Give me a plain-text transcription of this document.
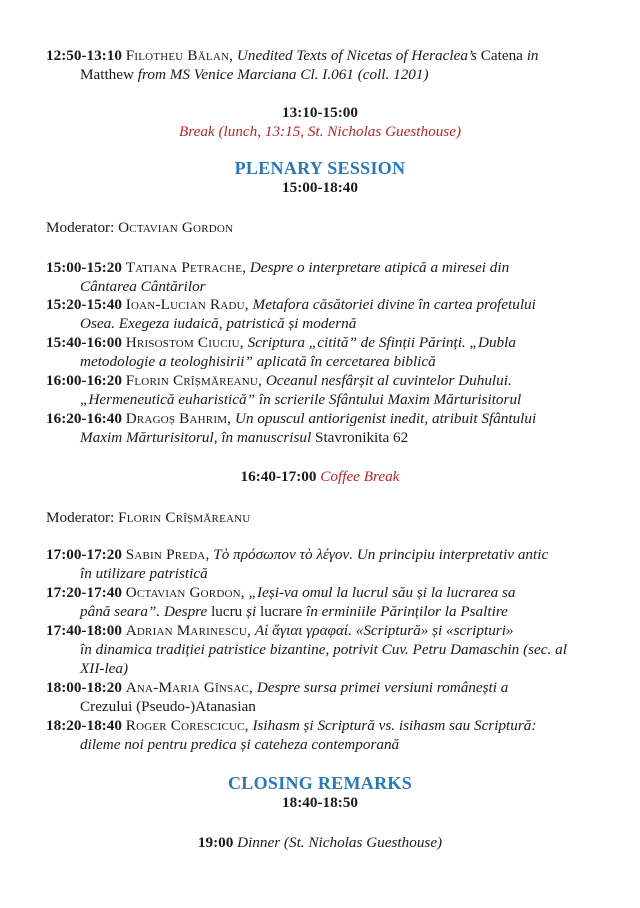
12:50-13:10 Filotheu Bălan, Unedited Texts of Nicetas of Heraclea’s Catena in
Matthew from MS Venice Marciana Cl. I.061 (coll. 1201)
13:10-15:00
Break (lunch, 13:15, St. Nicholas Guesthouse)
PLENARY SESSION
15:00-18:40
Moderator: Octavian Gordon
15:00-15:20 Tatiana Petrache, Despre o interpretare atipică a miresei din
Cântarea Cântărilor
15:20-15:40 Ioan-Lucian Radu, Metafora căsătoriei divine în cartea profetului
Osea. Exegeza iudaică, patristică și modernă
15:40-16:00 Hrisostom Ciuciu, Scriptura „citită” de Sfinții Părinți. „Dubla
metodologie a teologhisirii” aplicată în cercetarea biblică
16:00-16:20 Florin Crîșmăreanu, Oceanul nesfârșit al cuvintelor Duhului.
„Hermeneutică euharistică” în scrierile Sfântului Maxim Mărturisitorul
16:20-16:40 Dragoș Bahrim, Un opuscul antiorigenist inedit, atribuit Sfântului
Maxim Mărturisitorul, în manuscrisul Stavronikita 62
16:40-17:00 Coffee Break
Moderator: Florin Crîșmăreanu
17:00-17:20 Sabin Preda, Τὸ πρόσωπον τὸ λέγον. Un principiu interpretativ antic
în utilizare patristică
17:20-17:40 Octavian Gordon, „Ieși-va omul la lucrul său și la lucrarea sa
până seara”. Despre lucru și lucrare în erminiile Părinților la Psaltire
17:40-18:00 Adrian Marinescu, Αἱ ἅγιαι γραφαί. «Scriptură» și «scripturi»
în dinamica tradiției patristice bizantine, potrivit Cuv. Petru Damaschin (sec. al
XII-lea)
18:00-18:20 Ana-Maria Gînsac, Despre sursa primei versiuni românești a
Crezului (Pseudo-)Atanasian
18:20-18:40 Roger Corescicuc, Isihasm și Scriptură vs. isihasm sau Scriptură:
dileme noi pentru predica și cateheza contemporană
CLOSING REMARKS
18:40-18:50
19:00 Dinner (St. Nicholas Guesthouse)
